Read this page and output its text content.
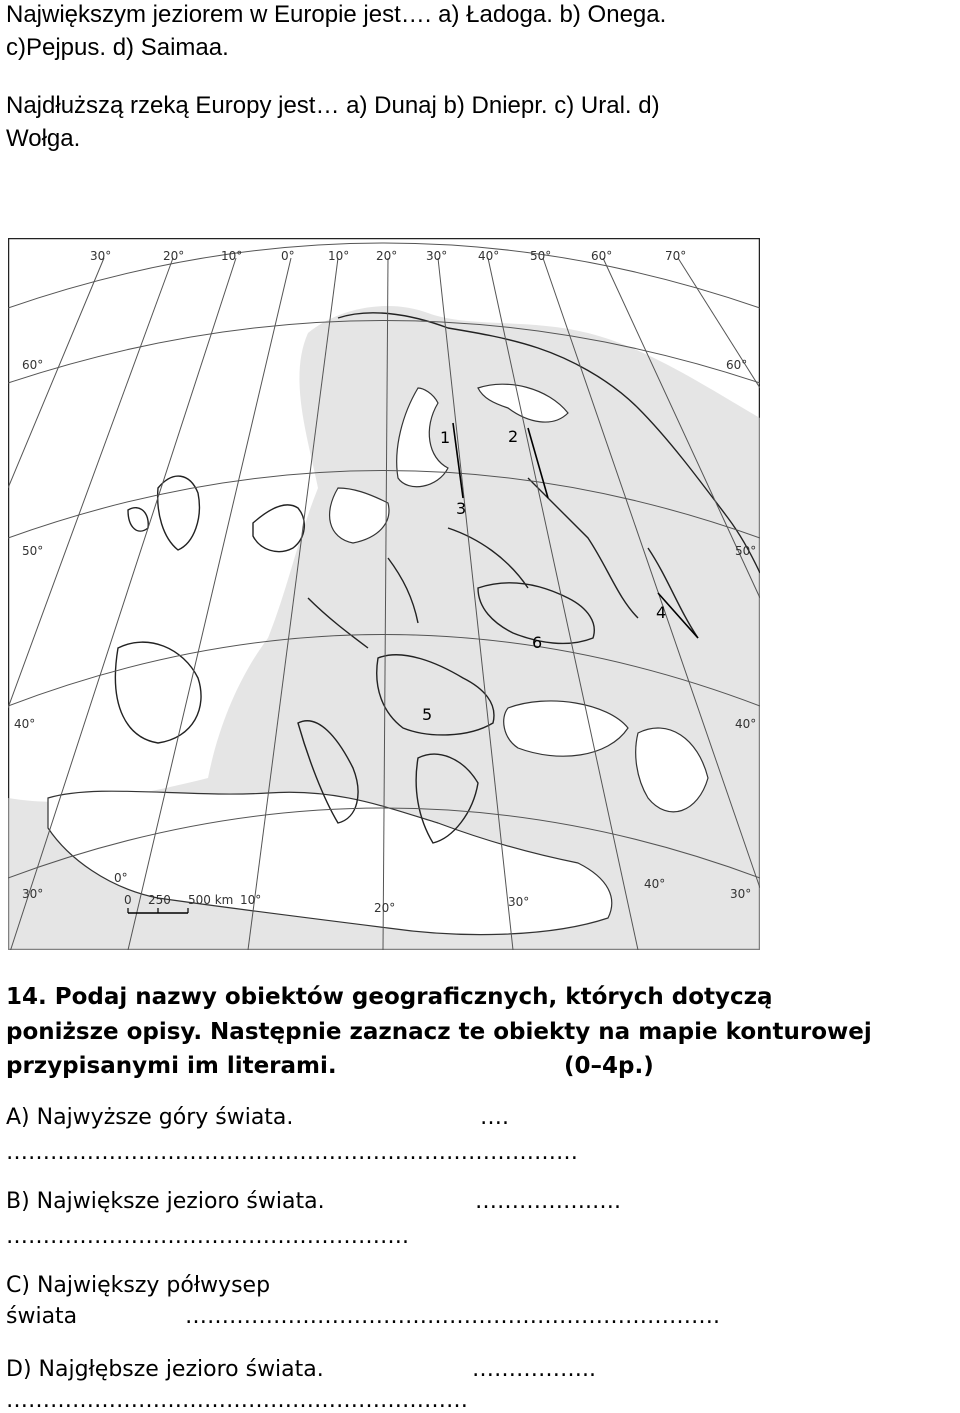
Największym jeziorem w Europie jest…. a) Ładoga. b) Onega.
c)Pejpus. d) Saimaa.
Najdłuższą rzeką Europy jest… a) Dunaj b) Dniepr. c) Ural. d)
Wołga.
30°	20°	10°	0°	10° 20° 30°	40°	50°	60°	70°
60°
50°
40°
30°
60°
50°
40°
30°
0°
10°
20°	30°
40°
0 250 500 km
1	2
3
4
5
6
14. Podaj nazwy obiektów geograficznych, których dotyczą
poniższe opisy. Następnie zaznacz te obiekty na mapie konturowej
przypisanymi im literami.	(0–4p.)
A) Najwyższe góry świata.	….
……………………………………………………………………
B) Największe jezioro świata.	…………….….
……………………………………………….
C) Największy półwysep
świata	……………………………………………………………….
D) Najgłębsze jezioro świata.	……………..
………………………………………………………
